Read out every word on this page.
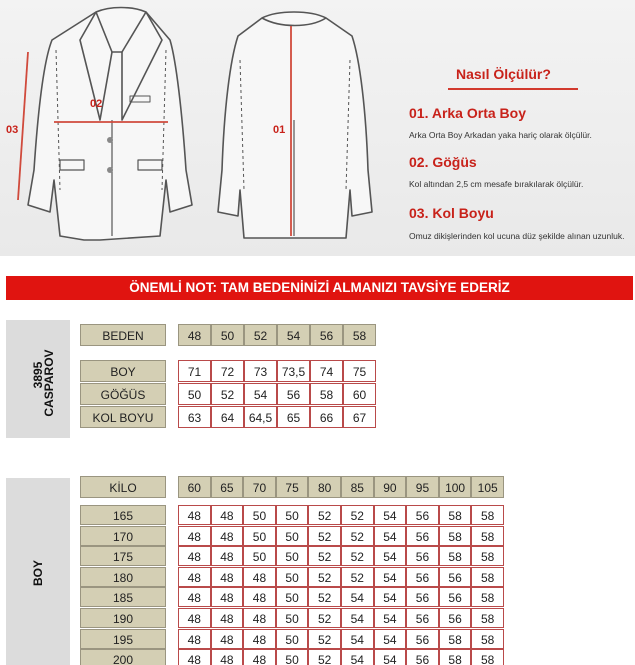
02
03	01
Nasıl Ölçülür?
01. Arka Orta Boy
Arka Orta Boy Arkadan yaka hariç olarak ölçülür.
02. Göğüs
Kol altından 2,5 cm mesafe bırakılarak ölçülür.
03. Kol Boyu
Omuz dikişlerinden kol ucuna düz şekilde alınan uzunluk.
ÖNEMLİ NOT: TAM BEDENİNİZİ ALMANIZI TAVSİYE EDERİZ
3895
CASPAROV
BEDEN	48	50	52	54	56	58
BOY	71	72	73	73,5	74	75
GÖĞÜS	50	52	54	56	58	60
KOL BOYU	63	64	64,5	65	66	67
BOY
KİLO	60	65	70	75	80	85	90	95	100	105
165	48	48	50	50	52	52	54	56	58	58
170	48	48	50	50	52	52	54	56	58	58
175	48	48	50	50	52	52	54	56	58	58
180	48	48	48	50	52	52	54	56	56	58
185	48	48	48	50	52	54	54	56	56	58
190	48	48	48	50	52	54	54	56	56	58
195	48	48	48	50	52	54	54	56	58	58
200	48	48	48	50	52	54	54	56	58	58
